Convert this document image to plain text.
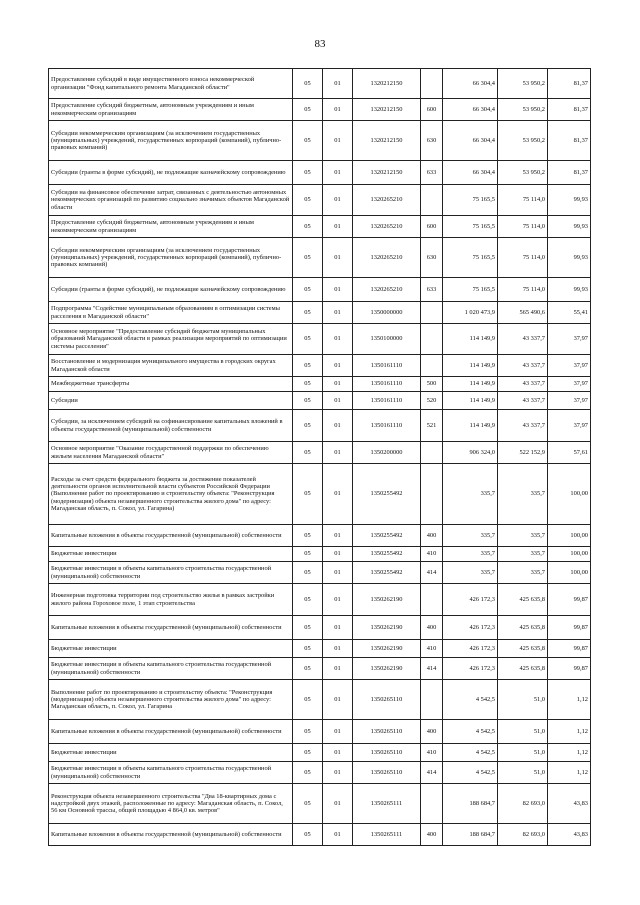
83
Предоставление субсидий в виде имущественного взноса некоммерческой организации "Фонд капитального ремонта Магаданской области"	05	01	1320212150		66 304,4	53 950,2	81,37
Предоставление субсидий бюджетным, автономным учреждениям и иным некоммерческим организациям	05	01	1320212150	600	66 304,4	53 950,2	81,37
Субсидии некоммерческим организациям (за исключением государственных (муниципальных) учреждений, государственных корпораций (компаний), публично-правовых компаний)	05	01	1320212150	630	66 304,4	53 950,2	81,37
Субсидии (гранты в форме субсидий), не подлежащие казначейскому сопровождению	05	01	1320212150	633	66 304,4	53 950,2	81,37
Субсидии на финансовое обеспечение затрат, связанных с деятельностью автономных некоммерческих организаций по развитию социально значимых объектов Магаданской области	05	01	1320265210		75 165,5	75 114,0	99,93
Предоставление субсидий бюджетным, автономным учреждениям и иным некоммерческим организациям	05	01	1320265210	600	75 165,5	75 114,0	99,93
Субсидии некоммерческим организациям (за исключением государственных (муниципальных) учреждений, государственных корпораций (компаний), публично-правовых компаний)	05	01	1320265210	630	75 165,5	75 114,0	99,93
Субсидии (гранты в форме субсидий), не подлежащие казначейскому сопровождению	05	01	1320265210	633	75 165,5	75 114,0	99,93
Подпрограмма "Содействие муниципальным образованиям в оптимизации системы расселения в Магаданской области"	05	01	1350000000		1 020 473,9	565 490,6	55,41
Основное мероприятие "Предоставление субсидий бюджетам муниципальных образований Магаданской области в рамках реализации мероприятий по оптимизации системы расселения"	05	01	1350100000		114 149,9	43 337,7	37,97
Восстановление и модернизация муниципального имущества в городских округах Магаданской области	05	01	1350161110		114 149,9	43 337,7	37,97
Межбюджетные трансферты	05	01	1350161110	500	114 149,9	43 337,7	37,97
Субсидии	05	01	1350161110	520	114 149,9	43 337,7	37,97
Субсидии, за исключением субсидий на софинансирование капитальных вложений в объекты государственной (муниципальной) собственности	05	01	1350161110	521	114 149,9	43 337,7	37,97
Основное мероприятие "Оказание государственной поддержки по обеспечению жильем населения Магаданской области"	05	01	1350200000		906 324,0	522 152,9	57,61
Расходы за счет средств федерального бюджета за достижение показателей деятельности органов исполнительной власти субъектов Российской Федерации (Выполнение работ по проектированию и строительству объекта: "Реконструкция (модернизация) объекта незавершенного строительства жилого дома" по адресу: Магаданская область, п. Сокол, ул. Гагарина)	05	01	1350255492		335,7	335,7	100,00
Капитальные вложения в объекты государственной (муниципальной) собственности	05	01	1350255492	400	335,7	335,7	100,00
Бюджетные инвестиции	05	01	1350255492	410	335,7	335,7	100,00
Бюджетные инвестиции в объекты капитального строительства государственной (муниципальной) собственности	05	01	1350255492	414	335,7	335,7	100,00
Инженерная подготовка территории под строительство жилья в рамках застройки жилого района Гороховое поле, 1 этап строительства	05	01	1350262190		426 172,3	425 635,8	99,87
Капитальные вложения в объекты государственной (муниципальной) собственности	05	01	1350262190	400	426 172,3	425 635,8	99,87
Бюджетные инвестиции	05	01	1350262190	410	426 172,3	425 635,8	99,87
Бюджетные инвестиции в объекты капитального строительства государственной (муниципальной) собственности	05	01	1350262190	414	426 172,3	425 635,8	99,87
Выполнение работ по проектированию и строительству объекта: "Реконструкция (модернизация) объекта незавершенного строительства жилого дома" по адресу: Магаданская область, п. Сокол, ул. Гагарина	05	01	1350265110		4 542,5	51,0	1,12
Капитальные вложения в объекты государственной (муниципальной) собственности	05	01	1350265110	400	4 542,5	51,0	1,12
Бюджетные инвестиции	05	01	1350265110	410	4 542,5	51,0	1,12
Бюджетные инвестиции в объекты капитального строительства государственной (муниципальной) собственности	05	01	1350265110	414	4 542,5	51,0	1,12
Реконструкция объекта незавершенного строительства "Два 18-квартирных дома с надстройкой двух этажей, расположенные по адресу: Магаданская область, п. Сокол, 56 км Основной трассы, общей площадью 4 864,0 кв. метров"	05	01	1350265111		188 684,7	82 693,0	43,83
Капитальные вложения в объекты государственной (муниципальной) собственности	05	01	1350265111	400	188 684,7	82 693,0	43,83
